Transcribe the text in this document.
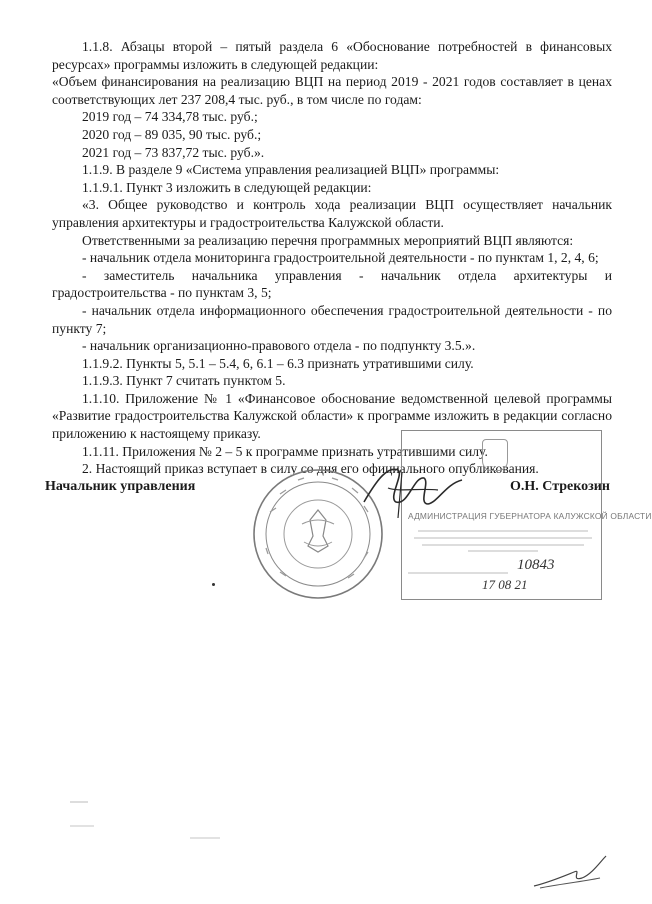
1.1.8. Абзацы второй – пятый раздела 6 «Обоснование потребностей в финансовых ресурсах» программы изложить в следующей редакции:

«Объем финансирования на реализацию ВЦП на период 2019 - 2021 годов составляет в ценах соответствующих лет 237 208,4 тыс. руб., в том числе по годам:

2019 год – 74 334,78 тыс. руб.;

2020 год – 89 035, 90 тыс. руб.;

2021 год – 73 837,72 тыс. руб.».

1.1.9. В разделе 9 «Система управления реализацией ВЦП» программы:

1.1.9.1. Пункт 3 изложить в следующей редакции:

«3. Общее руководство и контроль хода реализации ВЦП осуществляет начальник управления архитектуры и градостроительства Калужской области.

Ответственными за реализацию перечня программных мероприятий ВЦП являются:

- начальник отдела мониторинга градостроительной деятельности - по пунктам 1, 2, 4, 6;

- заместитель начальника управления - начальник отдела архитектуры и градостроительства - по пунктам 3, 5;

- начальник отдела информационного обеспечения градостроительной деятельности - по пункту 7;

- начальник организационно-правового отдела - по подпункту 3.5.».

1.1.9.2. Пункты 5, 5.1 – 5.4, 6, 6.1 – 6.3 признать утратившими силу.

1.1.9.3. Пункт 7 считать пунктом 5.

1.1.10. Приложение № 1 «Финансовое обоснование ведомственной целевой программы «Развитие градостроительства Калужской области» к программе изложить в редакции согласно приложению к настоящему приказу.

1.1.11. Приложения № 2 – 5 к программе признать утратившими силу.

2. Настоящий приказ вступает в силу со дня его официального опубликования.

АДМИНИСТРАЦИЯ ГУБЕРНАТОРА КАЛУЖСКОЙ ОБЛАСТИ
10843
17 08 21
Начальник управления	О.Н. Стрекозин
